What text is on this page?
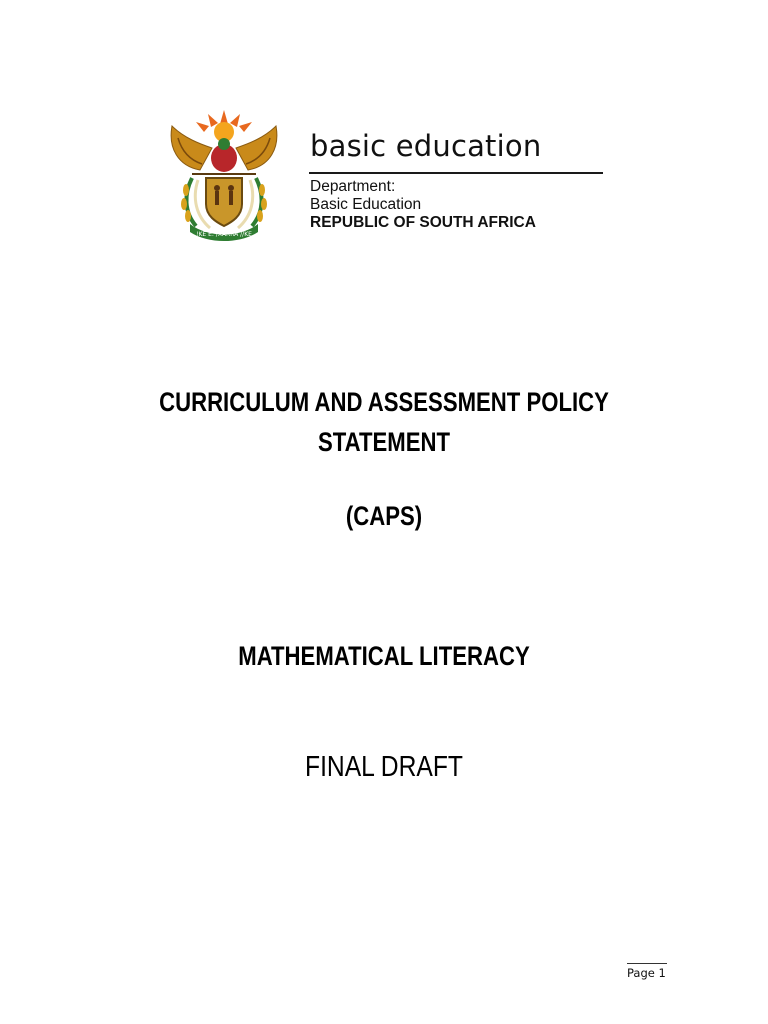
!KE E: /XARRA //KE
basic education
Department:
Basic Education
REPUBLIC OF SOUTH AFRICA
CURRICULUM AND ASSESSMENT POLICY
STATEMENT
(CAPS)
MATHEMATICAL LITERACY
FINAL DRAFT
Page 1
